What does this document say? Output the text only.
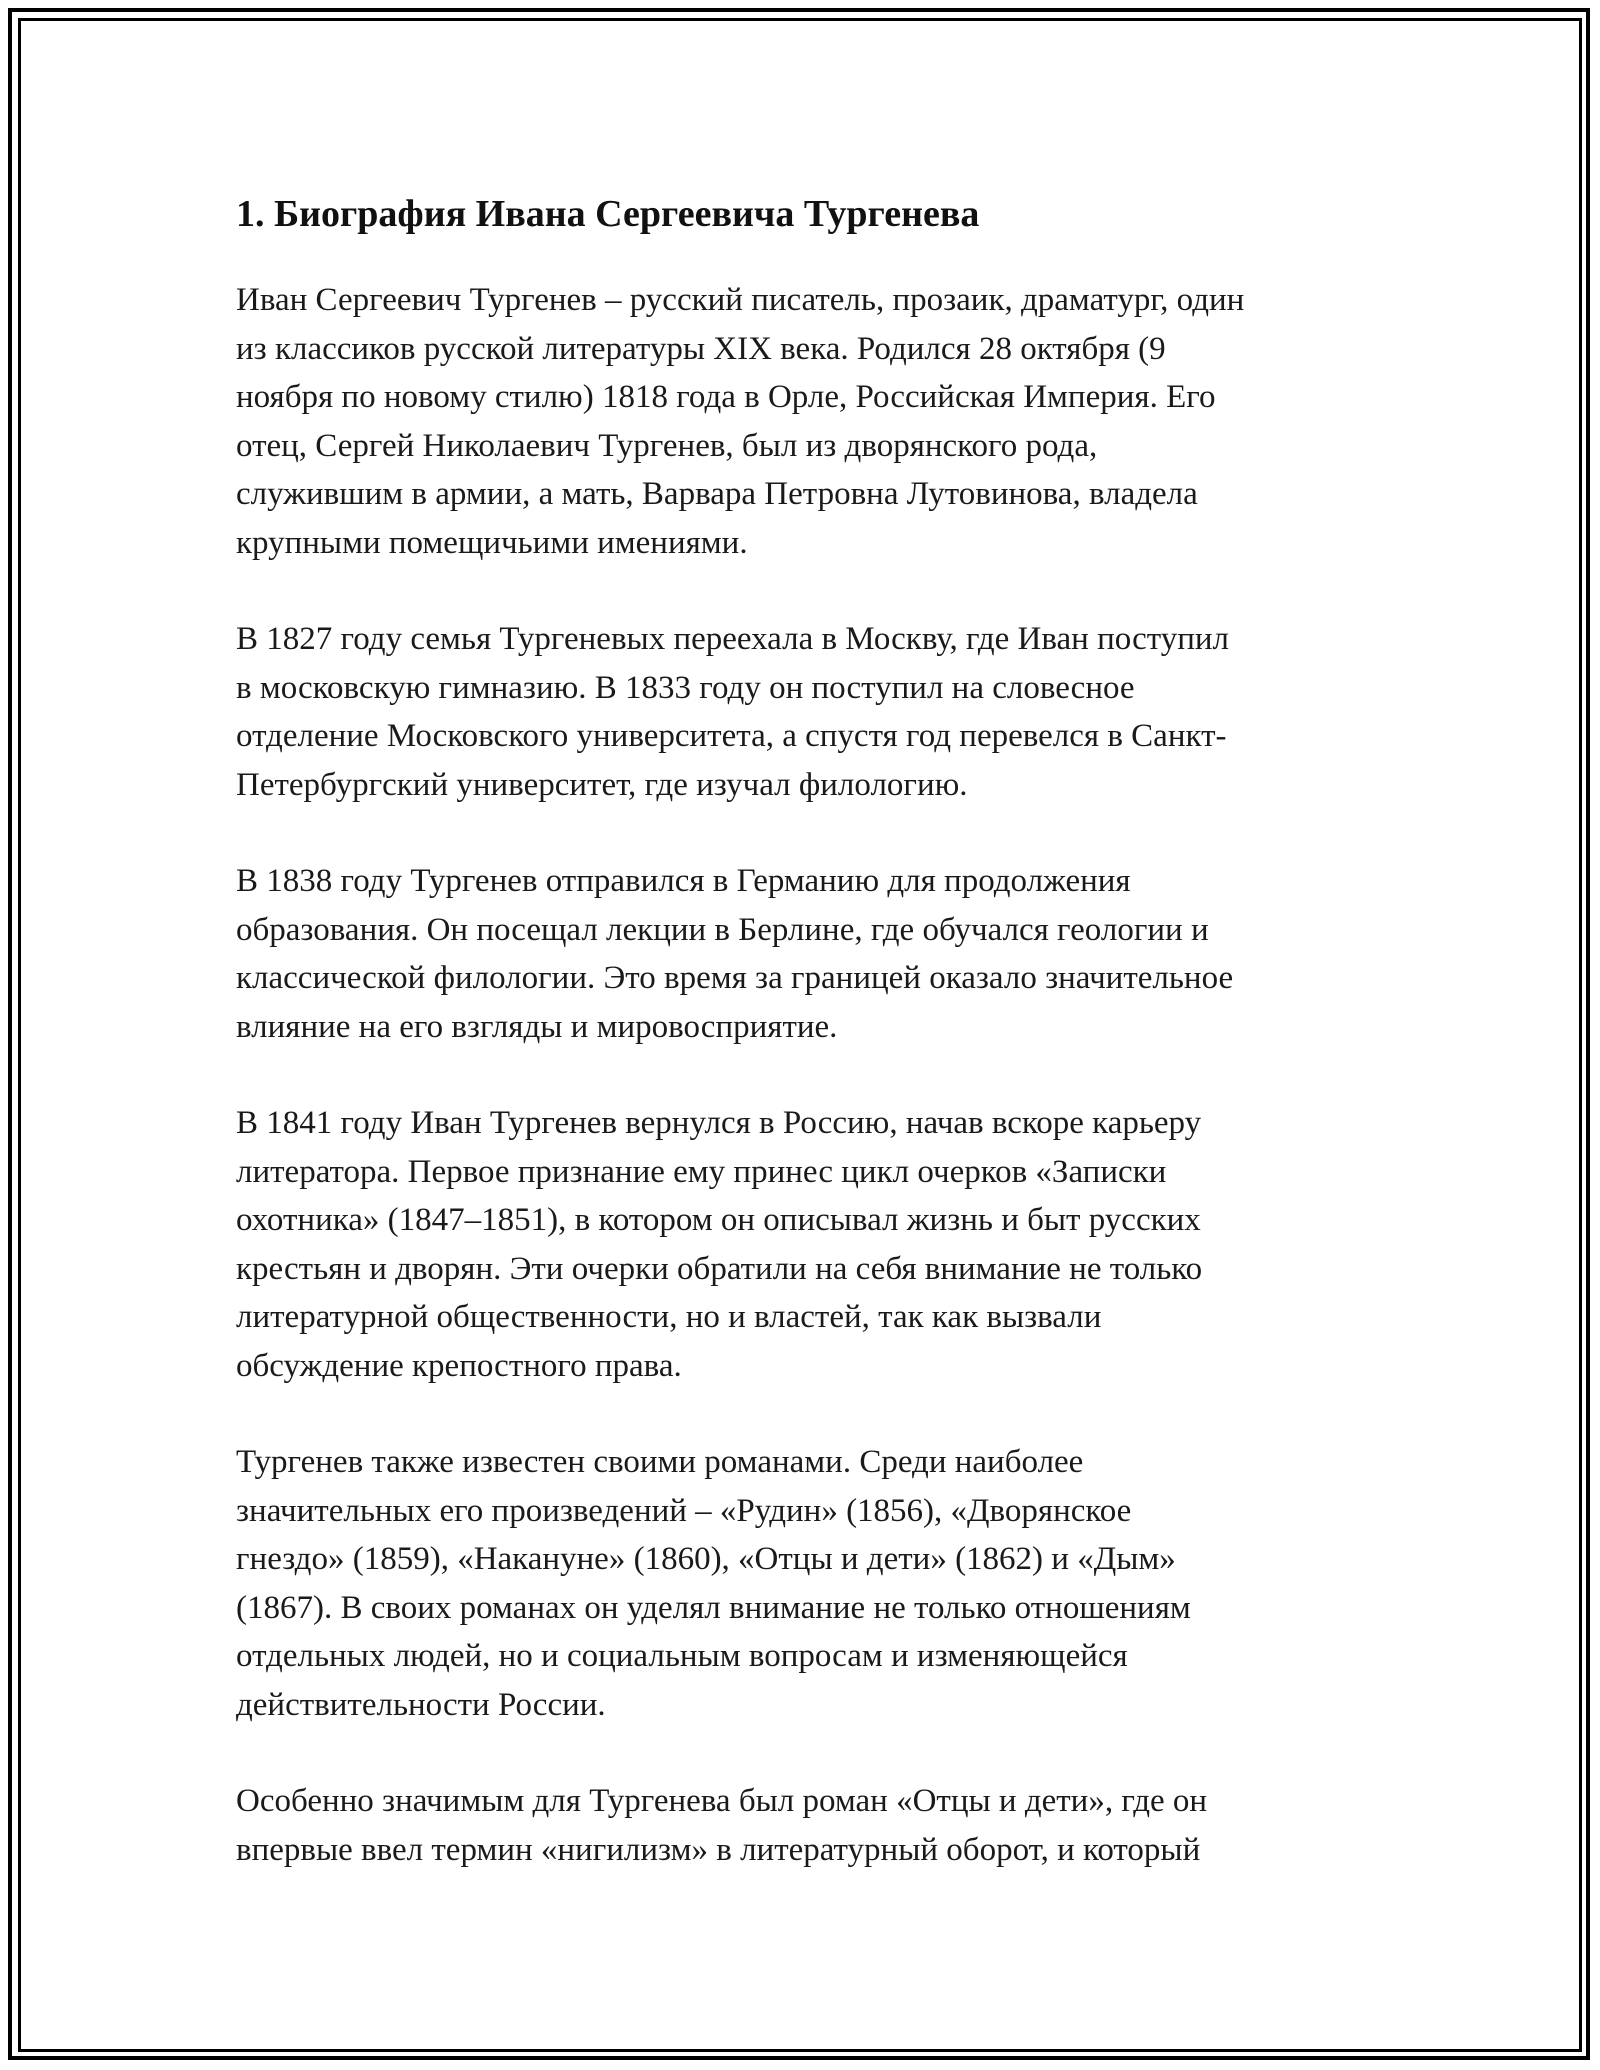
1. Биография Ивана Сергеевича Тургенева

Иван Сергеевич Тургенев – русский писатель, прозаик, драматург, один
из классиков русской литературы XIX века. Родился 28 октября (9
ноября по новому стилю) 1818 года в Орле, Российская Империя. Его
отец, Сергей Николаевич Тургенев, был из дворянского рода,
служившим в армии, а мать, Варвара Петровна Лутовинова, владела
крупными помещичьими имениями.

В 1827 году семья Тургеневых переехала в Москву, где Иван поступил
в московскую гимназию. В 1833 году он поступил на словесное
отделение Московского университета, а спустя год перевелся в Санкт-
Петербургский университет, где изучал филологию.

В 1838 году Тургенев отправился в Германию для продолжения
образования. Он посещал лекции в Берлине, где обучался геологии и
классической филологии. Это время за границей оказало значительное
влияние на его взгляды и мировосприятие.

В 1841 году Иван Тургенев вернулся в Россию, начав вскоре карьеру
литератора. Первое признание ему принес цикл очерков «Записки
охотника» (1847–1851), в котором он описывал жизнь и быт русских
крестьян и дворян. Эти очерки обратили на себя внимание не только
литературной общественности, но и властей, так как вызвали
обсуждение крепостного права.

Тургенев также известен своими романами. Среди наиболее
значительных его произведений – «Рудин» (1856), «Дворянское
гнездо» (1859), «Накануне» (1860), «Отцы и дети» (1862) и «Дым»
(1867). В своих романах он уделял внимание не только отношениям
отдельных людей, но и социальным вопросам и изменяющейся
действительности России.

Особенно значимым для Тургенева был роман «Отцы и дети», где он
впервые ввел термин «нигилизм» в литературный оборот, и который
